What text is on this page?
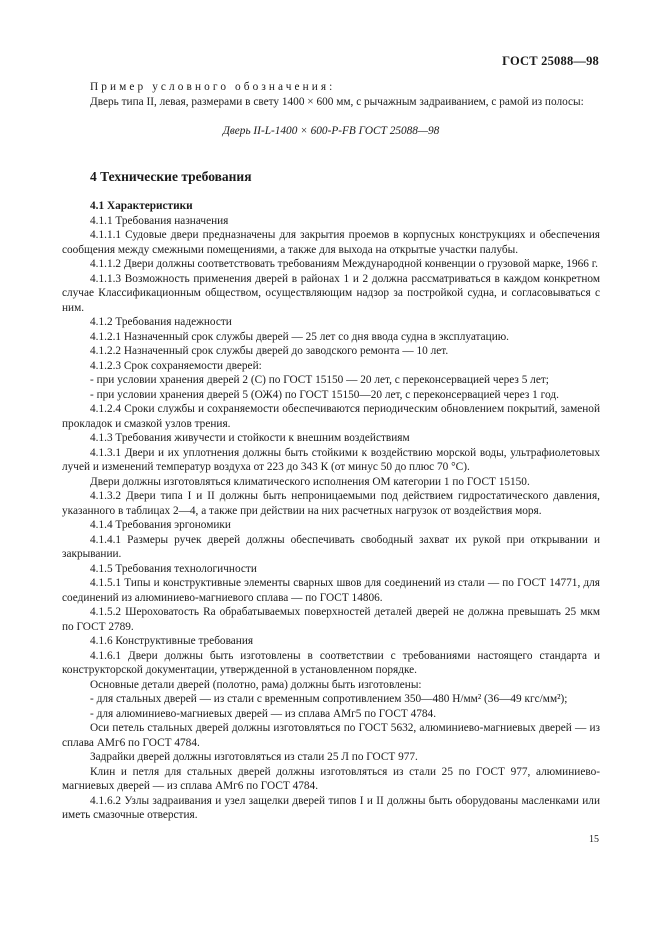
ГОСТ 25088—98

Пример условного обозначения:

Дверь типа II, левая, размерами в свету 1400 × 600 мм, с рычажным задраиванием, с рамой из полосы:

Дверь II-L-1400 × 600-P-FB ГОСТ 25088—98

4 Технические требования

4.1 Характеристики

4.1.1 Требования назначения

4.1.1.1 Судовые двери предназначены для закрытия проемов в корпусных конструкциях и обеспечения сообщения между смежными помещениями, а также для выхода на открытые участки палубы.

4.1.1.2 Двери должны соответствовать требованиям Международной конвенции о грузовой марке, 1966 г.

4.1.1.3 Возможность применения дверей в районах 1 и 2 должна рассматриваться в каждом конкретном случае Классификационным обществом, осуществляющим надзор за постройкой судна, и согласовываться с ним.

4.1.2 Требования надежности

4.1.2.1 Назначенный срок службы дверей — 25 лет со дня ввода судна в эксплуатацию.

4.1.2.2 Назначенный срок службы дверей до заводского ремонта — 10 лет.

4.1.2.3 Срок сохраняемости дверей:

- при условии хранения дверей 2 (С) по ГОСТ 15150 — 20 лет, с переконсервацией через 5 лет;

- при условии хранения дверей 5 (ОЖ4) по ГОСТ 15150—20 лет, с переконсервацией через 1 год.

4.1.2.4 Сроки службы и сохраняемости обеспечиваются периодическим обновлением покрытий, заменой прокладок и смазкой узлов трения.

4.1.3 Требования живучести и стойкости к внешним воздействиям

4.1.3.1 Двери и их уплотнения должны быть стойкими к воздействию морской воды, ультрафиолетовых лучей и изменений температур воздуха от 223 до 343 К (от минус 50 до плюс 70 °С).

Двери должны изготовляться климатического исполнения ОМ категории 1 по ГОСТ 15150.

4.1.3.2 Двери типа I и II должны быть непроницаемыми под действием гидростатического давления, указанного в таблицах 2—4, а также при действии на них расчетных нагрузок от воздействия моря.

4.1.4 Требования эргономики

4.1.4.1 Размеры ручек дверей должны обеспечивать свободный захват их рукой при открывании и закрывании.

4.1.5 Требования технологичности

4.1.5.1 Типы и конструктивные элементы сварных швов для соединений из стали — по ГОСТ 14771, для соединений из алюминиево-магниевого сплава — по ГОСТ 14806.

4.1.5.2 Шероховатость Ra обрабатываемых поверхностей деталей дверей не должна превышать 25 мкм по ГОСТ 2789.

4.1.6 Конструктивные требования

4.1.6.1 Двери должны быть изготовлены в соответствии с требованиями настоящего стандарта и конструкторской документации, утвержденной в установленном порядке.

Основные детали дверей (полотно, рама) должны быть изготовлены:

- для стальных дверей — из стали с временным сопротивлением 350—480 Н/мм² (36—49 кгс/мм²);

- для алюминиево-магниевых дверей — из сплава АМг5 по ГОСТ 4784.

Оси петель стальных дверей должны изготовляться по ГОСТ 5632, алюминиево-магниевых дверей — из сплава АМг6 по ГОСТ 4784.

Задрайки дверей должны изготовляться из стали 25 Л по ГОСТ 977.

Клин и петля для стальных дверей должны изготовляться из стали 25 по ГОСТ 977, алюминиево-магниевых дверей — из сплава АМг6 по ГОСТ 4784.

4.1.6.2 Узлы задраивания и узел защелки дверей типов I и II должны быть оборудованы масленками или иметь смазочные отверстия.

15
